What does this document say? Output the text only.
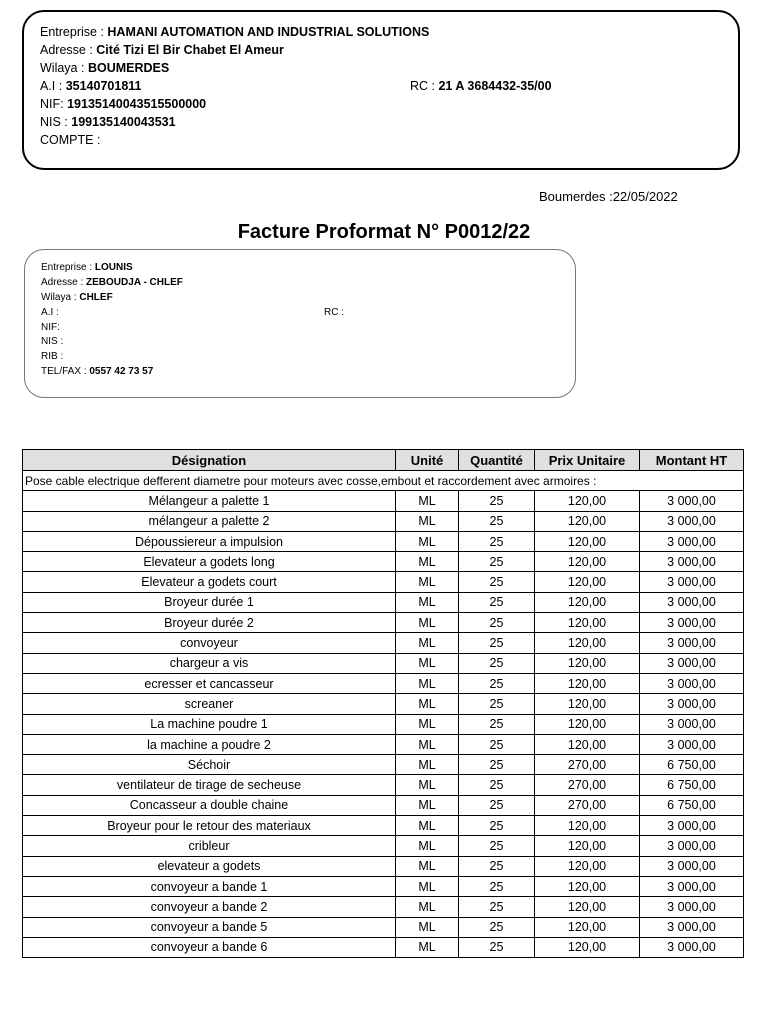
Entreprise : HAMANI AUTOMATION AND INDUSTRIAL SOLUTIONS
Adresse : Cité Tizi El Bir Chabet El Ameur
Wilaya : BOUMERDES
A.I : 35140701811	RC : 21 A 3684432-35/00
NIF: 19135140043515500000
NIS : 199135140043531
COMPTE :
Boumerdes :22/05/2022
Facture Proformat N° P0012/22
Entreprise : LOUNIS
Adresse : ZEBOUDJA - CHLEF
Wilaya : CHLEF
A.I :	RC :
NIF:
NIS :
RIB :
TEL/FAX : 0557 42 73 57
Désignation	Unité	Quantité	Prix Unitaire	Montant HT
Pose cable electrique defferent diametre pour moteurs avec cosse,embout et raccordement avec armoires :				
Mélangeur a palette 1	ML	25	120,00	3 000,00
mélangeur a palette 2	ML	25	120,00	3 000,00
Dépoussiereur a impulsion	ML	25	120,00	3 000,00
Elevateur a godets long	ML	25	120,00	3 000,00
Elevateur a godets court	ML	25	120,00	3 000,00
Broyeur durée 1	ML	25	120,00	3 000,00
Broyeur durée 2	ML	25	120,00	3 000,00
convoyeur	ML	25	120,00	3 000,00
chargeur a vis	ML	25	120,00	3 000,00
ecresser et cancasseur	ML	25	120,00	3 000,00
screaner	ML	25	120,00	3 000,00
La machine poudre 1	ML	25	120,00	3 000,00
la machine a poudre 2	ML	25	120,00	3 000,00
Séchoir	ML	25	270,00	6 750,00
ventilateur de tirage de secheuse	ML	25	270,00	6 750,00
Concasseur a double chaine	ML	25	270,00	6 750,00
Broyeur pour le retour des materiaux	ML	25	120,00	3 000,00
cribleur	ML	25	120,00	3 000,00
elevateur a godets	ML	25	120,00	3 000,00
convoyeur a bande 1	ML	25	120,00	3 000,00
convoyeur a bande 2	ML	25	120,00	3 000,00
convoyeur a bande 5	ML	25	120,00	3 000,00
convoyeur a bande 6	ML	25	120,00	3 000,00
